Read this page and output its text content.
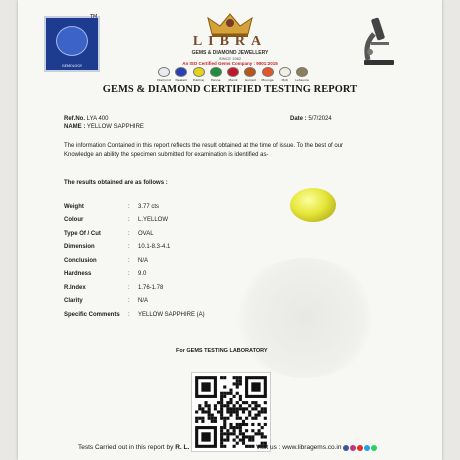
GEMOLOGY
TM
LIBRA
GEMS & DIAMOND JEWELLERY
SINCE 1982
An ISO Certified Gems Company : 9001:2015
Diamond Neelam Pukhraj Panna	Manik Gomed Moonga	Moti Lehsunia
GEMS & DIAMOND CERTIFIED TESTING REPORT
Ref.No. LYA 400
NAME : YELLOW SAPPHIRE
Date : 5/7/2024
The information Contained in this report reflects the result obtained at the time of issue. To the best of our Knowledge an ability the specimen submitted for examination is identified as-
The results obtained are as follows :
Weight	:	3.77 cts
Colour	:	L.YELLOW
Type Of / Cut	:	OVAL
Dimension	:	10.1-8.3-4.1
Conclusion	:	N/A
Hardness	:	9.0
R.Index	:	1.76-1.78
Clarity	:	N/A
Specific Comments	:	YELLOW SAPPHIRE (A)
For GEMS TESTING LABORATORY
Tests Carried out in this report by R. L.	Visit us : www.libragems.co.in
